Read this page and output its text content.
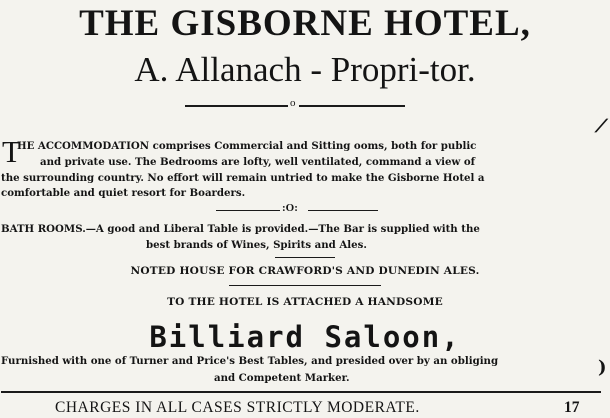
THE GISBORNE HOTEL,
A. Allanach - Propri-tor.
o
T
HE ACCOMMODATION comprises Commercial and Sitting ooms, both for public
and private use. The Bedrooms are lofty, well ventilated, command a view of
the surrounding country. No effort will remain untried to make the Gisborne Hotel a
comfortable and quiet resort for Boarders.
:O:
BATH ROOMS.—A good and Liberal Table is provided.—The Bar is supplied with the
best brands of Wines, Spirits and Ales.
NOTED HOUSE FOR CRAWFORD'S AND DUNEDIN ALES.
TO THE HOTEL IS ATTACHED A HANDSOME
Billiard Saloon,
Furnished with one of Turner and Price's Best Tables, and presided over by an obliging
and Competent Marker.
CHARGES IN ALL CASES STRICTLY MODERATE.	17
⟋
)
